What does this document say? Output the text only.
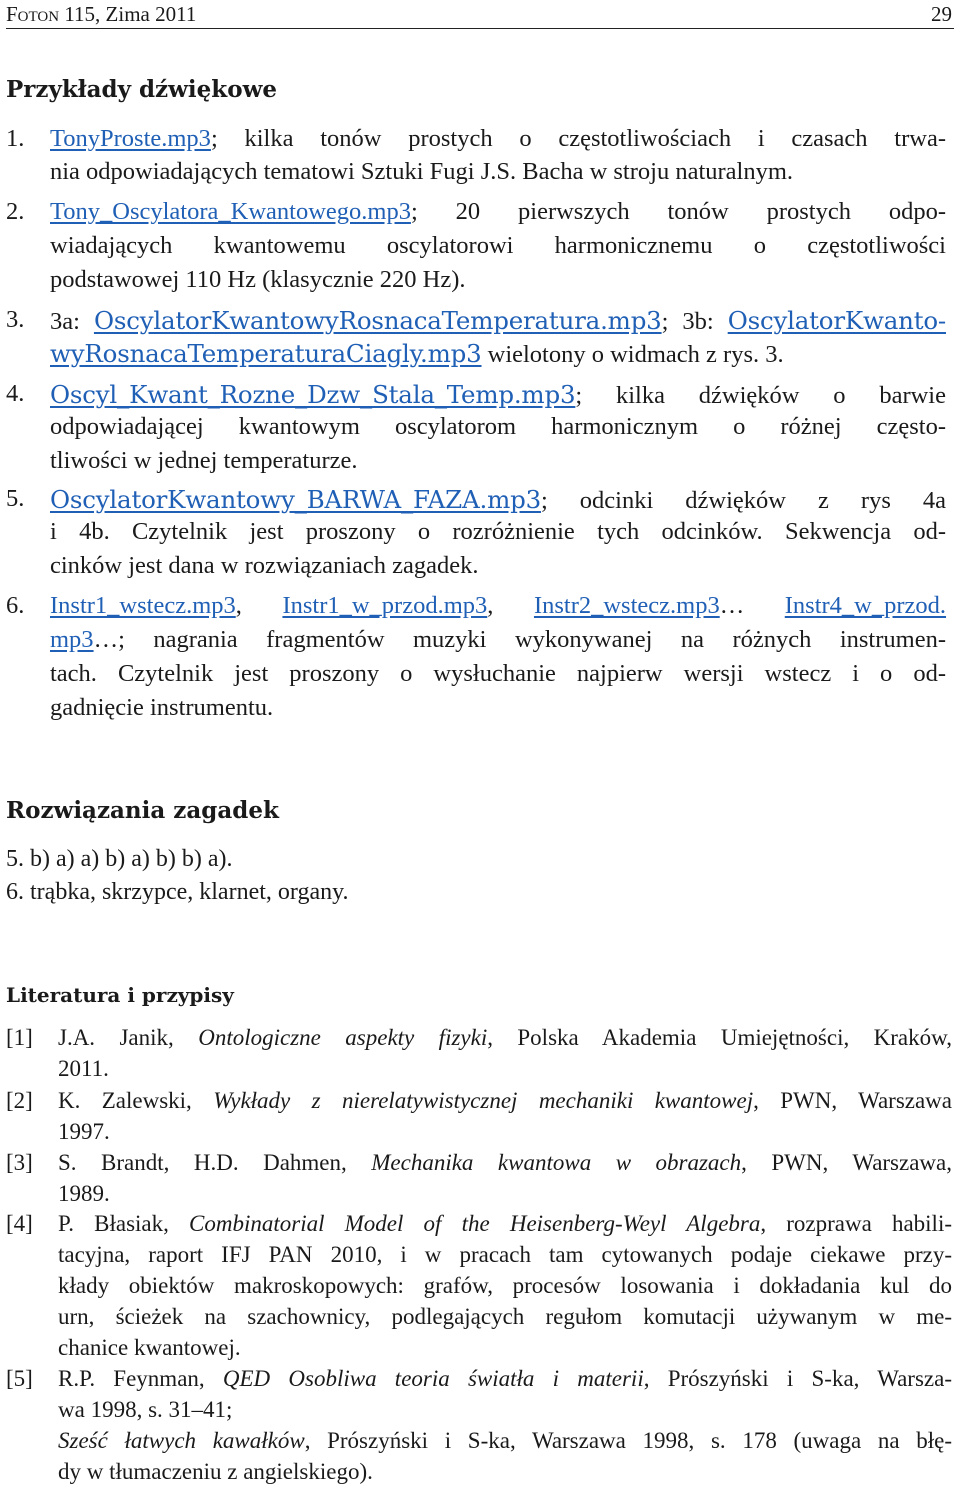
Foton 115, Zima 2011	29
Przykłady dźwiękowe
1. TonyProste.mp3; kilka tonów prostych o częstotliwościach i czasach trwa-
nia odpowiadających tematowi Sztuki Fugi J.S. Bacha w stroju naturalnym.
2. Tony_Oscylatora_Kwantowego.mp3; 20 pierwszych tonów prostych odpo-
wiadających kwantowemu oscylatorowi harmonicznemu o częstotliwości
podstawowej 110 Hz (klasycznie 220 Hz).
3. 3a: OscylatorKwantowyRosnacaTemperatura.mp3; 3b: OscylatorKwanto-
wyRosnacaTemperaturaCiagly.mp3 wielotony o widmach z rys. 3.
4. Oscyl_Kwant_Rozne_Dzw_Stala_Temp.mp3; kilka dźwięków o barwie
odpowiadającej kwantowym oscylatorom harmonicznym o różnej często-
tliwości w jednej temperaturze.
5. OscylatorKwantowy_BARWA_FAZA.mp3; odcinki dźwięków z rys 4a
i 4b. Czytelnik jest proszony o rozróżnienie tych odcinków. Sekwencja od-
cinków jest dana w rozwiązaniach zagadek.
6. Instr1_wstecz.mp3, Instr1_w_przod.mp3, Instr2_wstecz.mp3… Instr4_w_przod.
mp3…; nagrania fragmentów muzyki wykonywanej na różnych instrumen-
tach. Czytelnik jest proszony o wysłuchanie najpierw wersji wstecz i o od-
gadnięcie instrumentu.
Rozwiązania zagadek
5. b) a) a) b) a) b) b) a).
6. trąbka, skrzypce, klarnet, organy.
Literatura i przypisy
[1] J.A. Janik, Ontologiczne aspekty fizyki, Polska Akademia Umiejętności, Kraków,
2011.
[2] K. Zalewski, Wykłady z nierelatywistycznej mechaniki kwantowej, PWN, Warszawa
1997.
[3] S. Brandt, H.D. Dahmen, Mechanika kwantowa w obrazach, PWN, Warszawa,
1989.
[4] P. Błasiak, Combinatorial Model of the Heisenberg-Weyl Algebra, rozprawa habili-
tacyjna, raport IFJ PAN 2010, i w pracach tam cytowanych podaje ciekawe przy-
kłady obiektów makroskopowych: grafów, procesów losowania i dokładania kul do
urn, ścieżek na szachownicy, podlegających regułom komutacji używanym w me-
chanice kwantowej.
[5] R.P. Feynman, QED Osobliwa teoria światła i materii, Prószyński i S-ka, Warsza-
wa 1998, s. 31–41;
Sześć łatwych kawałków, Prószyński i S-ka, Warszawa 1998, s. 178 (uwaga na błę-
dy w tłumaczeniu z angielskiego).
